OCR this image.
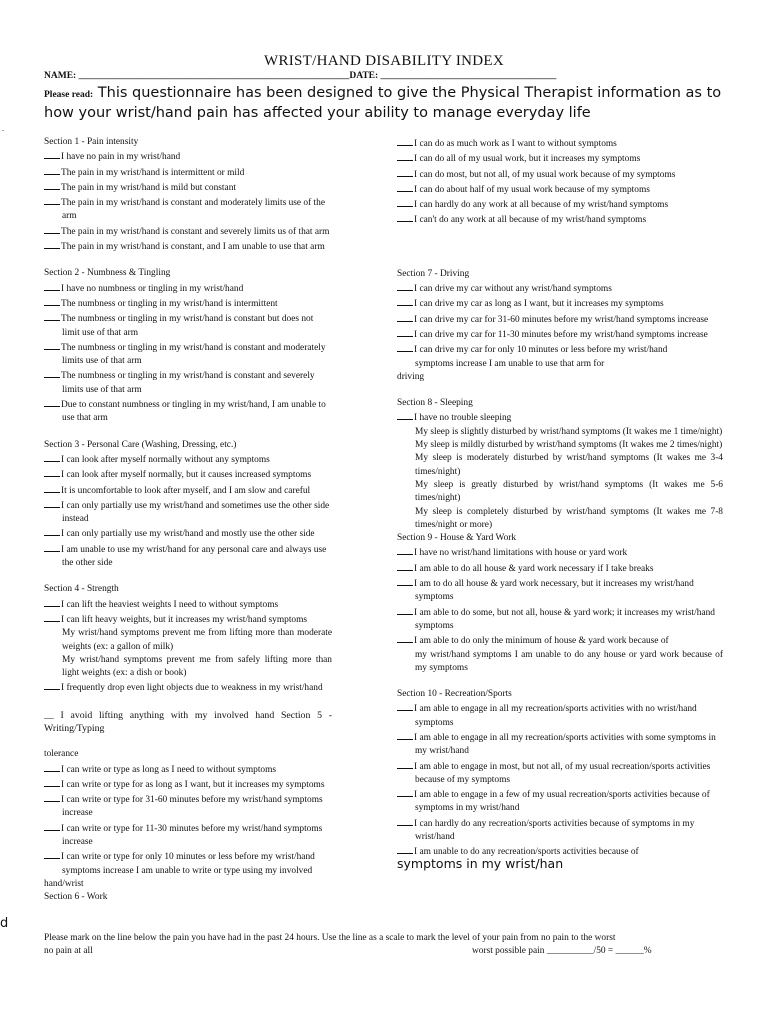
WRIST/HAND DISABILITY INDEX
NAME: _________________________________________________________DATE: _____________________________________
Please read: This questionnaire has been designed to give the Physical Therapist information as to how your wrist/hand pain has affected your ability to manage everyday life
.
Section 1 - Pain intensity
I have no pain in my wrist/hand
The pain in my wrist/hand is intermittent or mild
The pain in my wrist/hand is mild but constant
The pain in my wrist/hand is constant and moderately limits use of the arm
The pain in my wrist/hand is constant and severely limits us of that arm
The pain in my wrist/hand is constant, and I am unable to use that arm
Section 2 - Numbness & Tingling
I have no numbness or tingling in my wrist/hand
The numbness or tingling in my wrist/hand is intermittent
The numbness or tingling in my wrist/hand is constant but does not limit use of that arm
The numbness or tingling in my wrist/hand is constant and moderately limits use of that arm
The numbness or tingling in my wrist/hand is constant and severely limits use of that arm
Due to constant numbness or tingling in my wrist/hand, I am unable to use that arm
Section 3 - Personal Care (Washing, Dressing, etc.)
I can look after myself normally without any symptoms
I can look after myself normally, but it causes increased symptoms
It is uncomfortable to look after myself, and I am slow and careful
I can only partially use my wrist/hand and sometimes use the other side instead
I can only partially use my wrist/hand and mostly use the other side
I am unable to use my wrist/hand for any personal care and always use the other side
Section 4 - Strength
I can lift the heaviest weights I need to without symptoms
I can lift heavy weights, but it increases my wrist/hand symptoms
My wrist/hand symptoms prevent me from lifting more than moderate weights (ex: a gallon of milk)
My wrist/hand symptoms prevent me from safely lifting more than light weights (ex: a dish or book)
I frequently drop even light objects due to weakness in my wrist/hand
__ I avoid lifting anything with my involved hand Section 5 - Writing/Typing
tolerance
I can write or type as long as I need to without symptoms
I can write or type for as long as I want, but it increases my symptoms
I can write or type for 31-60 minutes before my wrist/hand symptoms increase
I can write or type for 11-30 minutes before my wrist/hand symptoms increase
I can write or type for only 10 minutes or less before my wrist/hand
symptoms increase I am unable to write or type using my involved
hand/wrist
Section 6 - Work
I can do as much work as I want to without symptoms
I can do all of my usual work, but it increases my symptoms
I can do most, but not all, of my usual work because of my symptoms
I can do about half of my usual work because of my symptoms
I can hardly do any work at all because of my wrist/hand symptoms
I can't do any work at all because of my wrist/hand symptoms
Section 7 - Driving
I can drive my car without any wrist/hand symptoms
I can drive my car as long as I want, but it increases my symptoms
I can drive my car for 31-60 minutes before my wrist/hand symptoms increase
I can drive my car for 11-30 minutes before my wrist/hand symptoms increase
I can drive my car for only 10 minutes or less before my wrist/hand
symptoms increase I am unable to use that arm for
driving
Section 8 - Sleeping
I have no trouble sleeping
My sleep is slightly disturbed by wrist/hand symptoms (It wakes me 1 time/night)
My sleep is mildly disturbed by wrist/hand symptoms (It wakes me 2 times/night)
My sleep is moderately disturbed by wrist/hand symptoms (It wakes me 3-4 times/night)
My sleep is greatly disturbed by wrist/hand symptoms (It wakes me 5-6 times/night)
My sleep is completely disturbed by wrist/hand symptoms (It wakes me 7-8 times/night or more)
Section 9 - House & Yard Work
I have no wrist/hand limitations with house or yard work
I am able to do all house & yard work necessary if I take breaks
I am to do all house & yard work necessary, but it increases my wrist/hand symptoms
I am able to do some, but not all, house & yard work; it increases my wrist/hand symptoms
I am able to do only the minimum of house & yard work because of
my wrist/hand symptoms I am unable to do any house or yard work because of my symptoms
Section 10 - Recreation/Sports
I am able to engage in all my recreation/sports activities with no wrist/hand symptoms
I am able to engage in all my recreation/sports activities with some symptoms in my wrist/hand
I am able to engage in most, but not all, of my usual recreation/sports activities because of my symptoms
I am able to engage in a few of my usual recreation/sports activities because of symptoms in my wrist/hand
I can hardly do any recreation/sports activities because of symptoms in my wrist/hand
I am unable to do any recreation/sports activities because of
symptoms in my wrist/han
d
Please mark on the line below the pain you have had in the past 24 hours. Use the line as a scale to mark the level of your pain from no pain to the worst
no pain at all	worst possible pain __________/50 = ______%
